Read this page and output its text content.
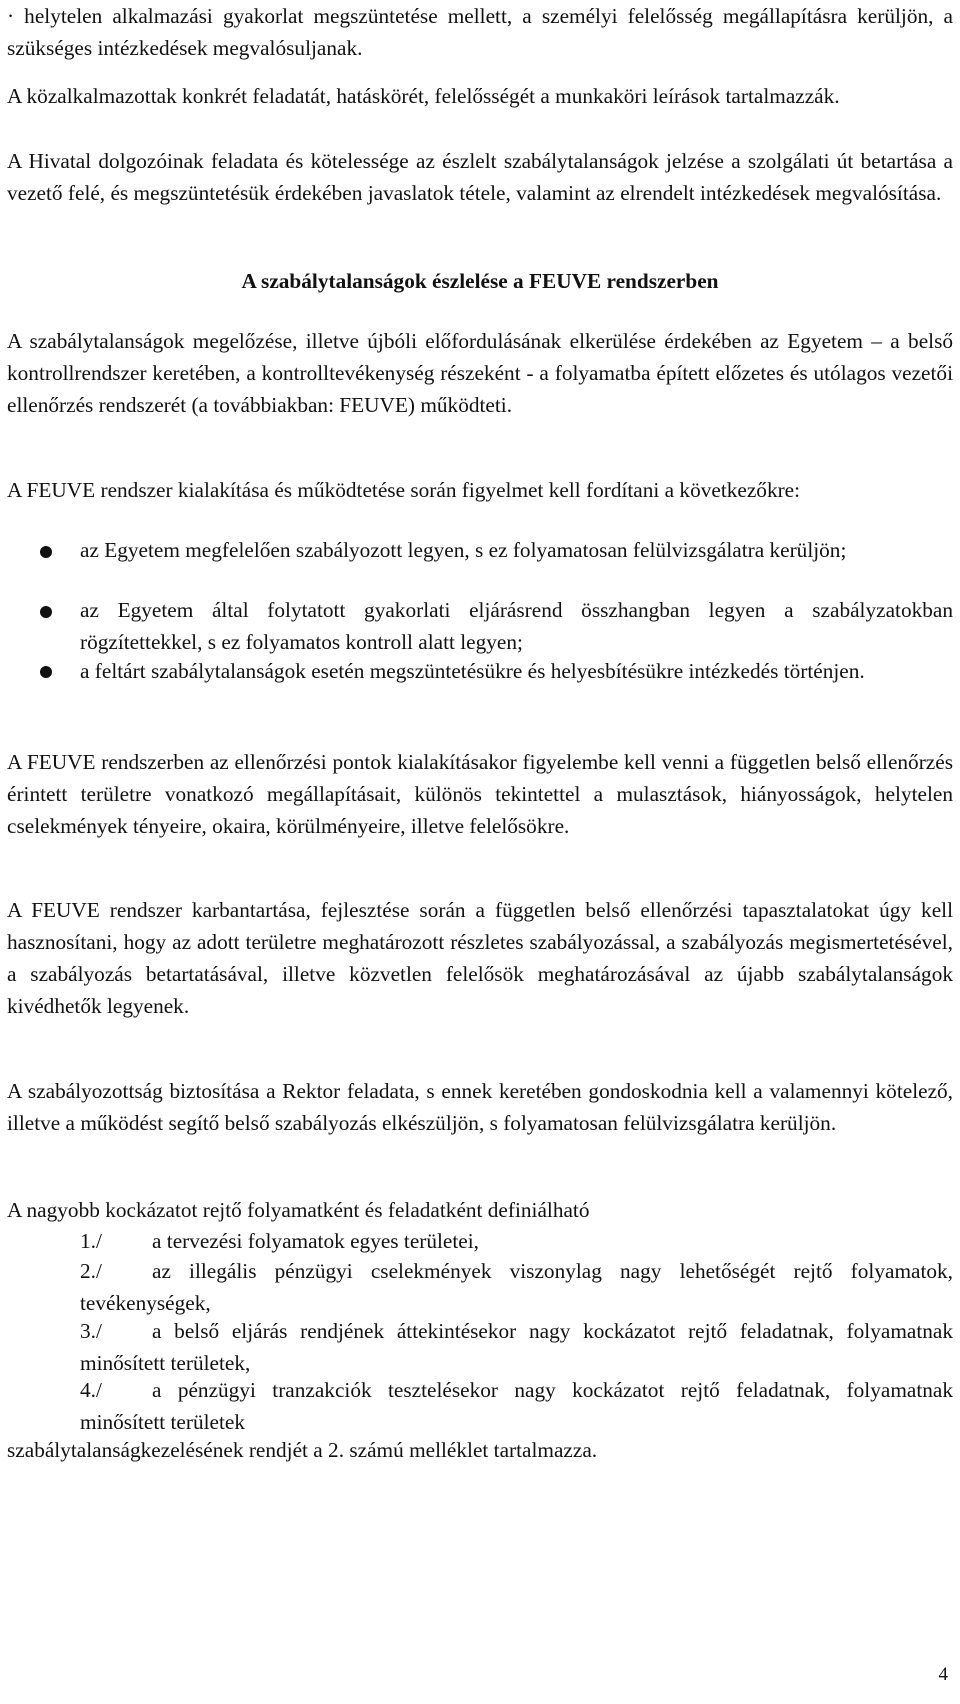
· helytelen alkalmazási gyakorlat megszüntetése mellett, a személyi felelősség megállapításra kerüljön, a szükséges intézkedések megvalósuljanak.
A közalkalmazottak konkrét feladatát, hatáskörét, felelősségét a munkaköri leírások tartalmazzák.
A Hivatal dolgozóinak feladata és kötelessége az észlelt szabálytalanságok jelzése a szolgálati út betartása a vezető felé, és megszüntetésük érdekében javaslatok tétele, valamint az elrendelt intézkedések megvalósítása.
A szabálytalanságok észlelése a FEUVE rendszerben
A szabálytalanságok megelőzése, illetve újbóli előfordulásának elkerülése érdekében az Egyetem – a belső kontrollrendszer keretében, a kontrolltevékenység részeként - a folyamatba épített előzetes és utólagos vezetői ellenőrzés rendszerét (a továbbiakban: FEUVE) működteti.
A FEUVE rendszer kialakítása és működtetése során figyelmet kell fordítani a következőkre:
az Egyetem megfelelően szabályozott legyen, s ez folyamatosan felülvizsgálatra kerüljön;
az Egyetem által folytatott gyakorlati eljárásrend összhangban legyen a szabályzatokban rögzítettekkel, s ez folyamatos kontroll alatt legyen;
a feltárt szabálytalanságok esetén megszüntetésükre és helyesbítésükre intézkedés történjen.
A FEUVE rendszerben az ellenőrzési pontok kialakításakor figyelembe kell venni a független belső ellenőrzés érintett területre vonatkozó megállapításait, különös tekintettel a mulasztások, hiányosságok, helytelen cselekmények tényeire, okaira, körülményeire, illetve felelősökre.
A FEUVE rendszer karbantartása, fejlesztése során a független belső ellenőrzési tapasztalatokat úgy kell hasznosítani, hogy az adott területre meghatározott részletes szabályozással, a szabályozás megismertetésével, a szabályozás betartatásával, illetve közvetlen felelősök meghatározásával az újabb szabálytalanságok kivédhetők legyenek.
A szabályozottság biztosítása a Rektor feladata, s ennek keretében gondoskodnia kell a valamennyi kötelező, illetve a működést segítő belső szabályozás elkészüljön, s folyamatosan felülvizsgálatra kerüljön.
A nagyobb kockázatot rejtő folyamatként és feladatként definiálható
1./	a tervezési folyamatok egyes területei,
2./	az illegális pénzügyi cselekmények viszonylag nagy lehetőségét rejtő folyamatok, tevékenységek,
3./	a belső eljárás rendjének áttekintésekor nagy kockázatot rejtő feladatnak, folyamatnak minősített területek,
4./	a pénzügyi tranzakciók tesztelésekor nagy kockázatot rejtő feladatnak, folyamatnak minősített területek
szabálytalanságkezelésének rendjét a 2. számú melléklet tartalmazza.
4
